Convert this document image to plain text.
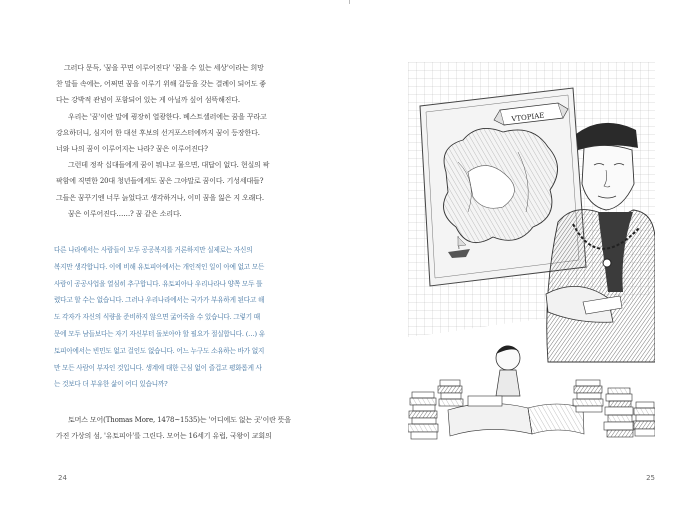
그러다 문득, '꿈을 꾸면 이루어진다' '꿈을 수 있는 세상'이라는 희망

찬 말들 속에는, 어쩌면 꿈을 이루기 위해 갈등을 갖는 결례이 되어도 좋

다는 강박적 관념이 포함되어 있는 게 아닐까 싶어 섬뜩해진다.

우리는 '꿈'이란 말에 굉장히 열광한다. 베스트셀러에는 꿈을 꾸라고

강요하더니, 심지어 한 대선 후보의 선거포스터에까지 꿈이 등장한다.

너와 나의 꿈이 이루어지는 나라? 꿈은 이루어진다?

그런데 정작 십대들에게 꿈이 뭐냐고 물으면, 대답이 없다. 현실의 팍

팍함에 직면한 20대 청년들에게도 꿈은 그야말로 꿈이다. 기성세대들?

그들은 꿈꾸기엔 너무 늙었다고 생각하거나, 이미 꿈을 잃은 지 오래다.

꿈은 이루어진다……? 꿈 같은 소리다.

다른 나라에서는 사람들이 모두 공공복지를 거론하지만 실제로는 자신의

복지만 생각합니다. 이에 비해 유토피아에서는 개인적인 일이 아예 없고 모든

사람이 공공사업을 열심히 추구합니다. 유토피아나 우리나라나 양쪽 모두 틀

렸다고 할 수는 없습니다. 그러나 우리나라에서는 국가가 부유하게 된다고 해

도 각자가 자신의 식량을 준비하지 않으면 굶어죽을 수 있습니다. 그렇기 때

문에 모두 남들보다는 자기 자신부터 돌보아야 할 필요가 절실합니다. (…) 유

토피아에서는 빈민도 없고 걸인도 없습니다. 어느 누구도 소유하는 바가 없지

만 모든 사람이 부자인 것입니다. 생계에 대한 근심 없이 즐겁고 평화롭게 사

는 것보다 더 부유한 삶이 어디 있습니까?

토머스 모어(Thomas More, 1478~1535)는 '어디에도 없는 곳'이란 뜻을

가진 가상의 섬, '유토피아'를 그린다. 모어는 16세기 유럽, 국왕이 교회의

24
VTOPIAE
25
